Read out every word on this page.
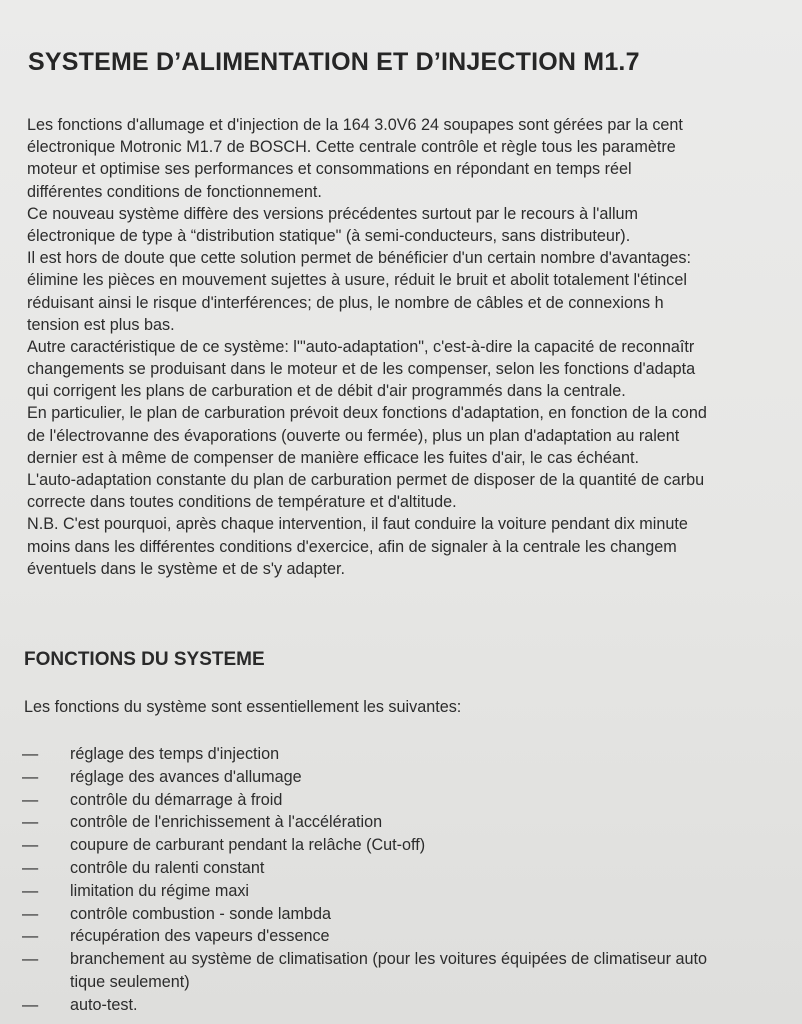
SYSTEME D’ALIMENTATION ET D’INJECTION M1.7
Les fonctions d'allumage et d'injection de la 164 3.0V6 24 soupapes sont gérées par la cent
électronique Motronic M1.7 de BOSCH. Cette centrale contrôle et règle tous les paramètre
moteur et optimise ses performances et consommations en répondant en temps réel
différentes conditions de fonctionnement.
Ce nouveau système diffère des versions précédentes surtout par le recours à l'allum
électronique de type à “distribution statique" (à semi-conducteurs, sans distributeur).
Il est hors de doute que cette solution permet de bénéficier d'un certain nombre d'avantages:
élimine les pièces en mouvement sujettes à usure, réduit le bruit et abolit totalement l'étincel
réduisant ainsi le risque d'interférences; de plus, le nombre de câbles et de connexions h
tension est plus bas.
Autre caractéristique de ce système: l'"auto-adaptation", c'est-à-dire la capacité de reconnaîtr
changements se produisant dans le moteur et de les compenser, selon les fonctions d'adapta
qui corrigent les plans de carburation et de débit d'air programmés dans la centrale.
En particulier, le plan de carburation prévoit deux fonctions d'adaptation, en fonction de la cond
de l'électrovanne des évaporations (ouverte ou fermée), plus un plan d'adaptation au ralent
dernier est à même de compenser de manière efficace les fuites d'air, le cas échéant.
L'auto-adaptation constante du plan de carburation permet de disposer de la quantité de carbu
correcte dans toutes conditions de température et d'altitude.
N.B. C'est pourquoi, après chaque intervention, il faut conduire la voiture pendant dix minute
moins dans les différentes conditions d'exercice, afin de signaler à la centrale les changem
éventuels dans le système et de s'y adapter.
FONCTIONS DU SYSTEME
Les fonctions du système sont essentiellement les suivantes:
—	réglage des temps d'injection
—	réglage des avances d'allumage
—	contrôle du démarrage à froid
—	contrôle de l'enrichissement à l'accélération
—	coupure de carburant pendant la relâche (Cut-off)
—	contrôle du ralenti constant
—	limitation du régime maxi
—	contrôle combustion - sonde lambda
—	récupération des vapeurs d'essence
—	branchement au système de climatisation (pour les voitures équipées de climatiseur auto
tique seulement)
—	auto-test.
